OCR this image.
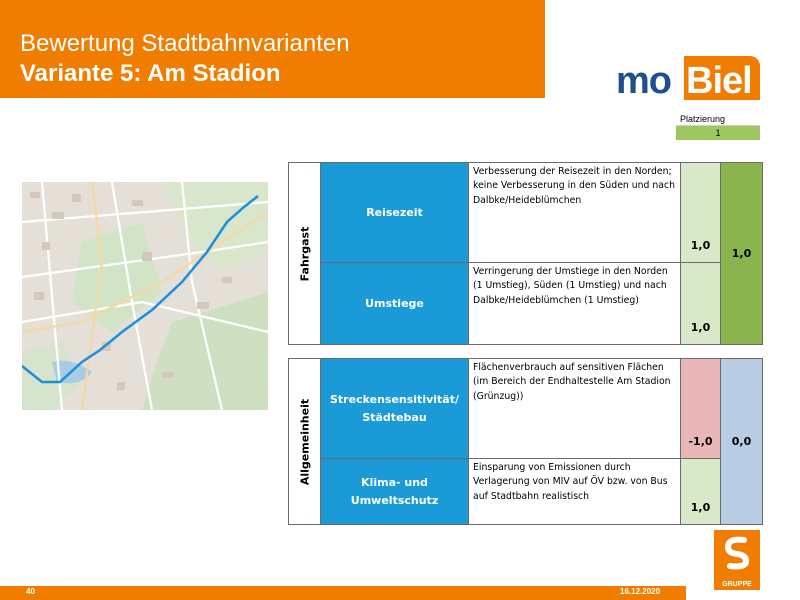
Bewertung Stadtbahnvarianten
Variante 5: Am Stadion	mo Biel
Platzierung
1
Fahrgast	Reisezeit	Verbesserung der Reisezeit in den Norden; keine Verbesserung in den Süden und nach Dalbke/Heideblümchen	1,0	1,0
	Umstiege	Verringerung der Umstiege in den Norden (1 Umstieg), Süden (1 Umstieg) und nach Dalbke/Heideblümchen (1 Umstieg)	1,0	
Allgemeinheit	Streckensensitivität/ Städtebau	Flächenverbrauch auf sensitiven Flächen (im Bereich der Endhaltestelle Am Stadion (Grünzug))	-1,0	0,0
	Klima- und Umweltschutz	Einsparung von Emissionen durch Verlagerung von MIV auf ÖV bzw. von Bus auf Stadtbahn realistisch	1,0	
GRUPPE
40	16.12.2020
